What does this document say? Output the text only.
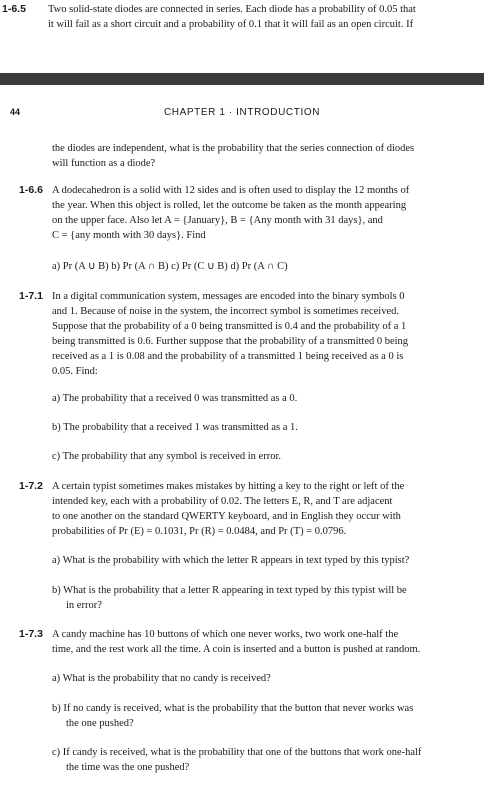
1-6.5 Two solid-state diodes are connected in series. Each diode has a probability of 0.05 that
it will fail as a short circuit and a probability of 0.1 that it will fail as an open circuit. If
44	CHAPTER 1 · INTRODUCTION
the diodes are independent, what is the probability that the series connection of diodes
will function as a diode?
1-6.6 A dodecahedron is a solid with 12 sides and is often used to display the 12 months of
the year. When this object is rolled, let the outcome be taken as the month appearing
on the upper face. Also let A = {January}, B = {Any month with 31 days}, and
C = {any month with 30 days}. Find
a) Pr (A ∪ B) b) Pr (A ∩ B) c) Pr (C ∪ B) d) Pr (A ∩ C)
1-7.1 In a digital communication system, messages are encoded into the binary symbols 0
and 1. Because of noise in the system, the incorrect symbol is sometimes received.
Suppose that the probability of a 0 being transmitted is 0.4 and the probability of a 1
being transmitted is 0.6. Further suppose that the probability of a transmitted 0 being
received as a 1 is 0.08 and the probability of a transmitted 1 being received as a 0 is
0.05. Find:
a) The probability that a received 0 was transmitted as a 0.
b) The probability that a received 1 was transmitted as a 1.
c) The probability that any symbol is received in error.
1-7.2 A certain typist sometimes makes mistakes by hitting a key to the right or left of the
intended key, each with a probability of 0.02. The letters E, R, and T are adjacent
to one another on the standard QWERTY keyboard, and in English they occur with
probabilities of Pr (E) = 0.1031, Pr (R) = 0.0484, and Pr (T) = 0.0796.
a) What is the probability with which the letter R appears in text typed by this typist?
b) What is the probability that a letter R appearing in text typed by this typist will be
in error?
1-7.3 A candy machine has 10 buttons of which one never works, two work one-half the
time, and the rest work all the time. A coin is inserted and a button is pushed at random.
a) What is the probability that no candy is received?
b) If no candy is received, what is the probability that the button that never works was
the one pushed?
c) If candy is received, what is the probability that one of the buttons that work one-half
the time was the one pushed?
